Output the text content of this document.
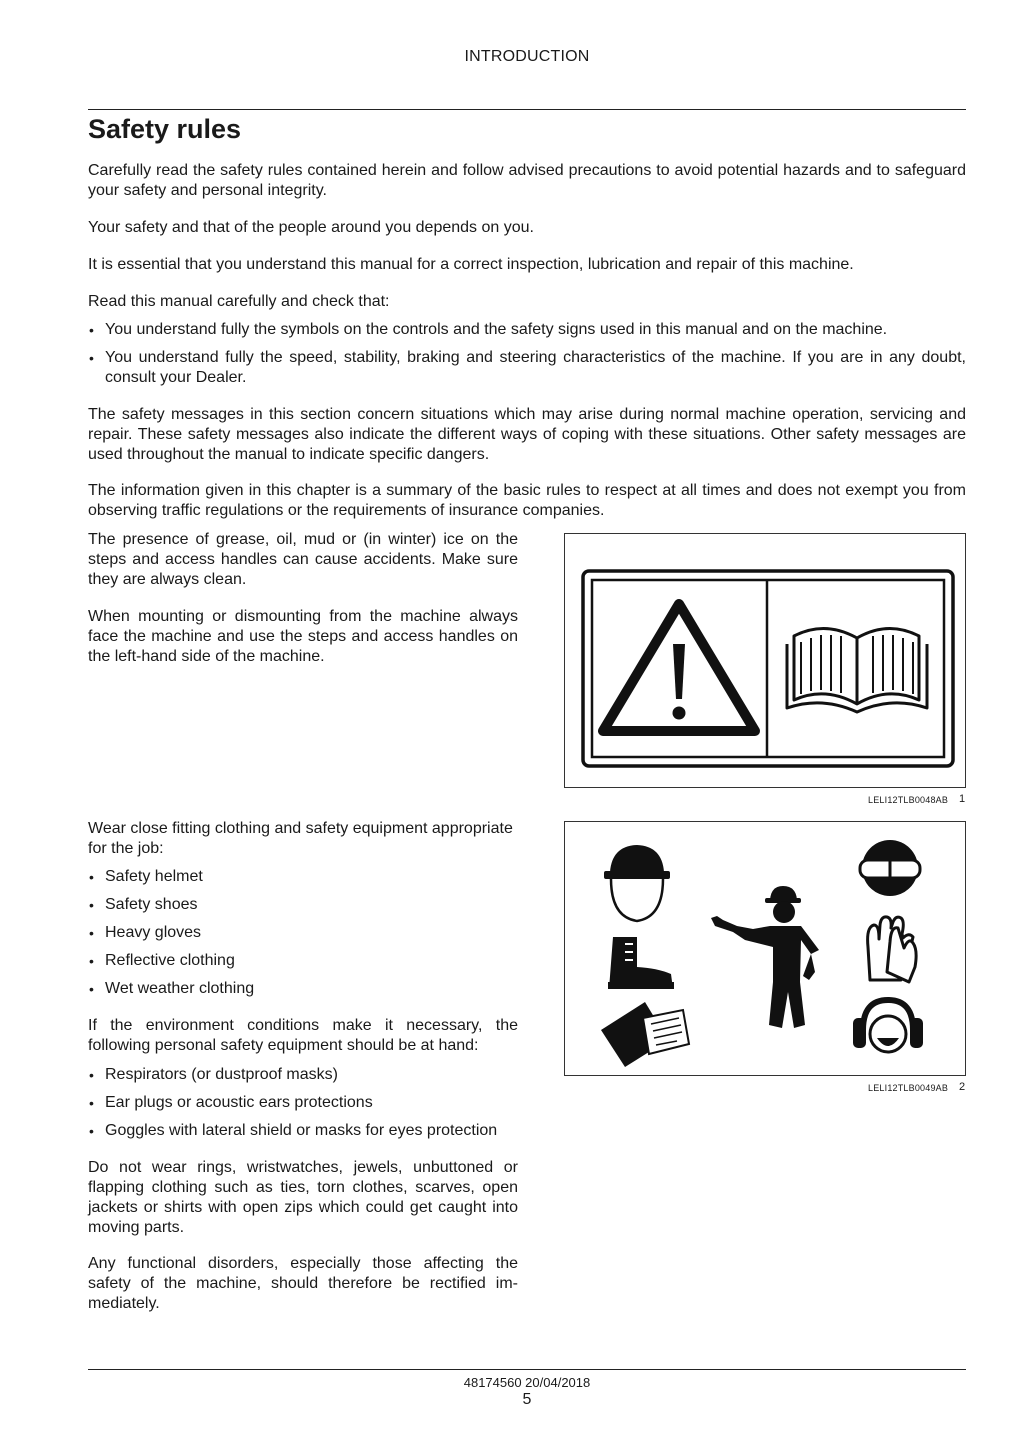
INTRODUCTION
Safety rules

Carefully read the safety rules contained herein and follow advised precautions to avoid potential hazards and to safeguard your safety and personal integrity.

Your safety and that of the people around you depends on you.

It is essential that you understand this manual for a correct inspection, lubrication and repair of this machine.

Read this manual carefully and check that:

• You understand fully the symbols on the controls and the safety signs used in this manual and on the machine.
• You understand fully the speed, stability, braking and steering characteristics of the machine. If you are in any doubt, consult your Dealer.

The safety messages in this section concern situations which may arise during normal machine operation, servicing and repair. These safety messages also indicate the different ways of coping with these situations. Other safety messages are used throughout the manual to indicate specific dangers.

The information given in this chapter is a summary of the basic rules to respect at all times and does not exempt you from observing traffic regulations or the requirements of insurance companies.

The presence of grease, oil, mud or (in winter) ice on the steps and access handles can cause accidents. Make sure they are always clean.

When mounting or dismounting from the machine always face the machine and use the steps and access handles on the left-hand side of the machine.

LELI12TLB0048AB 1

Wear close fitting clothing and safety equipment appropriate for the job:

• Safety helmet
• Safety shoes
• Heavy gloves
• Reflective clothing
• Wet weather clothing

If the environment conditions make it necessary, the following personal safety equipment should be at hand:

• Respirators (or dustproof masks)
• Ear plugs or acoustic ears protections
• Goggles with lateral shield or masks for eyes protection

Do not wear rings, wristwatches, jewels, unbuttoned or flapping clothing such as ties, torn clothes, scarves, open jackets or shirts with open zips which could get caught into moving parts.

Any functional disorders, especially those affecting the safety of the machine, should therefore be rectified im-mediately.

LELI12TLB0049AB 2
48174560 20/04/2018
5
